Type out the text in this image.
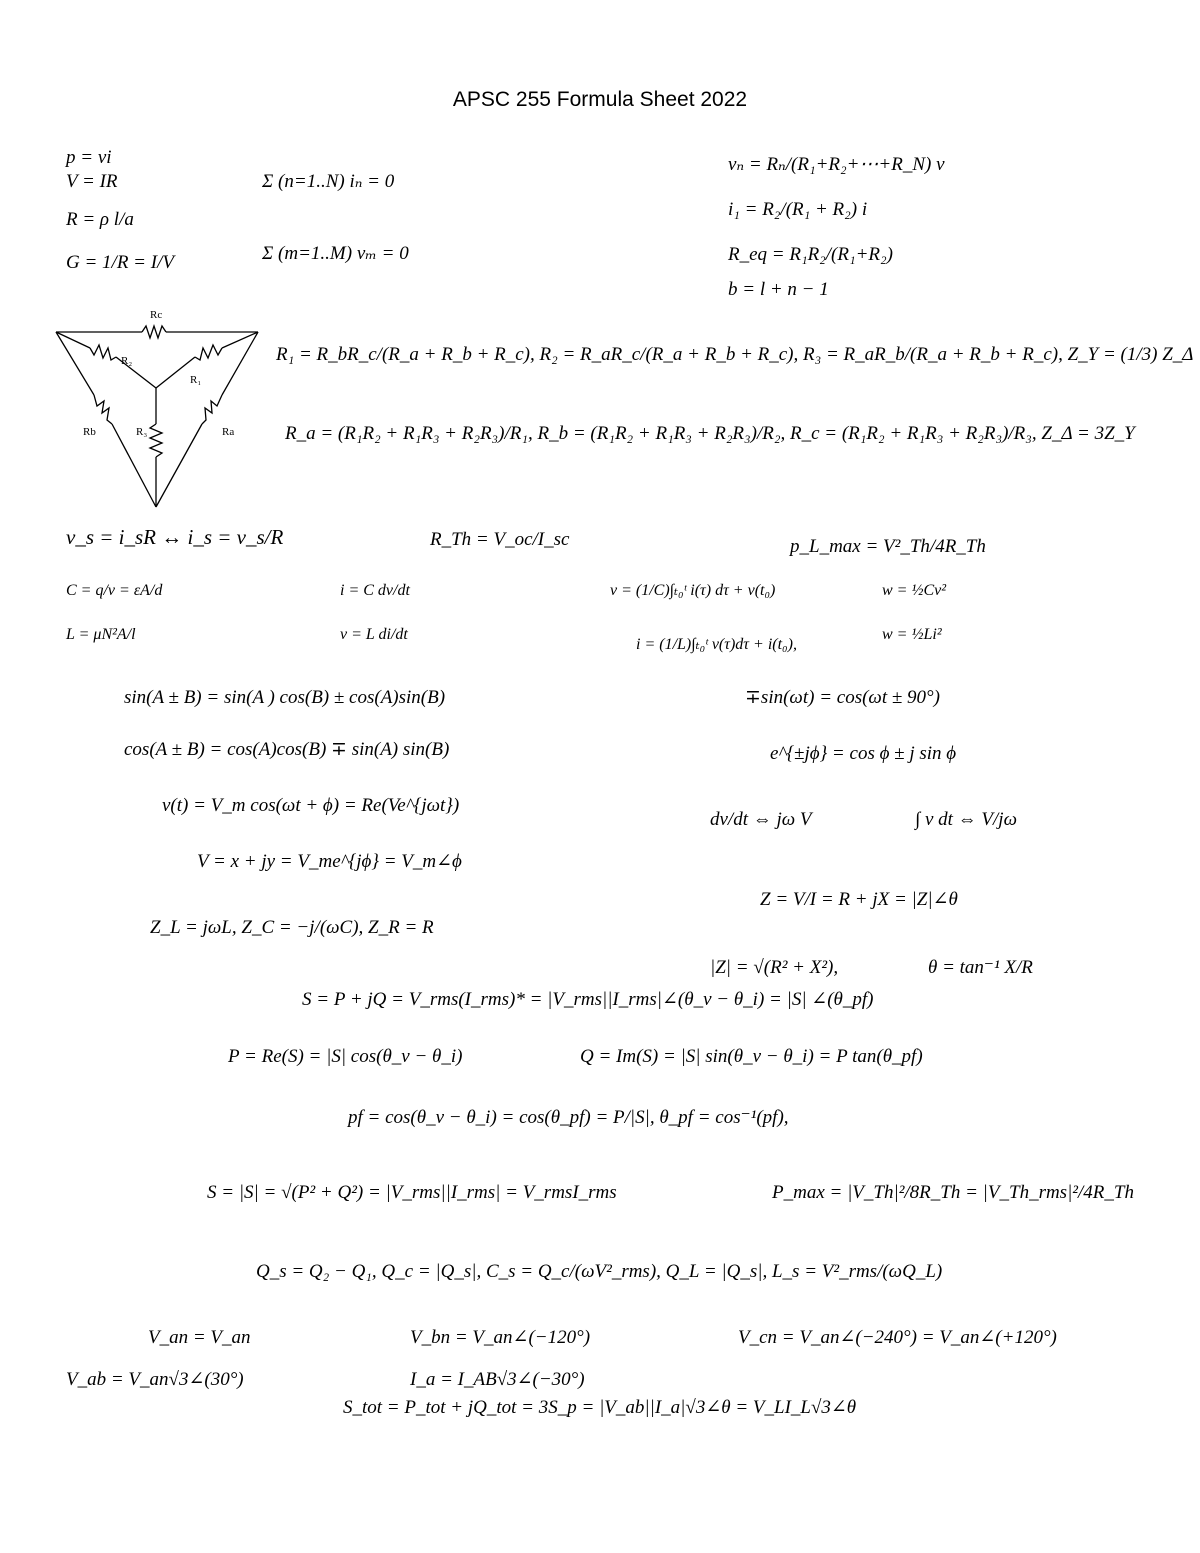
APSC 255 Formula Sheet 2022
p = vi
V = IR
R = ρ l/a
G = 1/R = I/V
Σ (n=1..N) iₙ = 0
Σ (m=1..M) vₘ = 0
vₙ = Rₙ/(R₁+R₂+⋯+R_N) v
i₁ = R₂/(R₁ + R₂) i
R_eq = R₁R₂/(R₁+R₂)
b = l + n − 1
Rc
R₂
R₁
Rb	R₃	Ra
R₁ = R_bR_c/(R_a + R_b + R_c), R₂ = R_aR_c/(R_a + R_b + R_c), R₃ = R_aR_b/(R_a + R_b + R_c), Z_Y = (1/3) Z_Δ
R_a = (R₁R₂ + R₁R₃ + R₂R₃)/R₁, R_b = (R₁R₂ + R₁R₃ + R₂R₃)/R₂, R_c = (R₁R₂ + R₁R₃ + R₂R₃)/R₃, Z_Δ = 3Z_Y
v_s = i_sR ↔ i_s = v_s/R	R_Th = V_oc/I_sc	p_L_max = V²_Th/4R_Th
C = q/v = εA/d
L = μN²A/l
i = C dv/dt
v = L di/dt
v = (1/C)∫ₜ₀ᵗ i(τ) dτ + v(t₀)
i = (1/L)∫ₜ₀ᵗ v(τ)dτ + i(t₀),
w = ½Cv²
w = ½Li²
sin(A ± B) = sin(A ) cos(B) ± cos(A)sin(B)	∓sin(ωt) = cos(ωt ± 90°)
cos(A ± B) = cos(A)cos(B) ∓ sin(A) sin(B)	e^{±jϕ} = cos ϕ ± j sin ϕ
v(t) = V_m cos(ωt + ϕ) = Re(Ve^{jωt})
dv/dt ⇔ jω V	∫ v dt ⇔ V/jω
V = x + jy = V_me^{jϕ} = V_m∠ϕ
Z = V/I = R + jX = |Z|∠θ
Z_L = jωL, Z_C = −j/(ωC), Z_R = R
|Z| = √(R² + X²),	θ = tan⁻¹ X/R
S = P + jQ = V_rms(I_rms)* = |V_rms||I_rms|∠(θ_v − θ_i) = |S| ∠(θ_pf)
P = Re(S) = |S| cos(θ_v − θ_i)	Q = Im(S) = |S| sin(θ_v − θ_i) = P tan(θ_pf)
pf = cos(θ_v − θ_i) = cos(θ_pf) = P/|S|, θ_pf = cos⁻¹(pf),
S = |S| = √(P² + Q²) = |V_rms||I_rms| = V_rmsI_rms	P_max = |V_Th|²/8R_Th = |V_Th_rms|²/4R_Th
Q_s = Q₂ − Q₁, Q_c = |Q_s|, C_s = Q_c/(ωV²_rms), Q_L = |Q_s|, L_s = V²_rms/(ωQ_L)
V_an = V_an	V_bn = V_an∠(−120°)	V_cn = V_an∠(−240°) = V_an∠(+120°)
V_ab = V_an√3∠(30°)	I_a = I_AB√3∠(−30°)
S_tot = P_tot + jQ_tot = 3S_p = |V_ab||I_a|√3∠θ = V_LI_L√3∠θ
